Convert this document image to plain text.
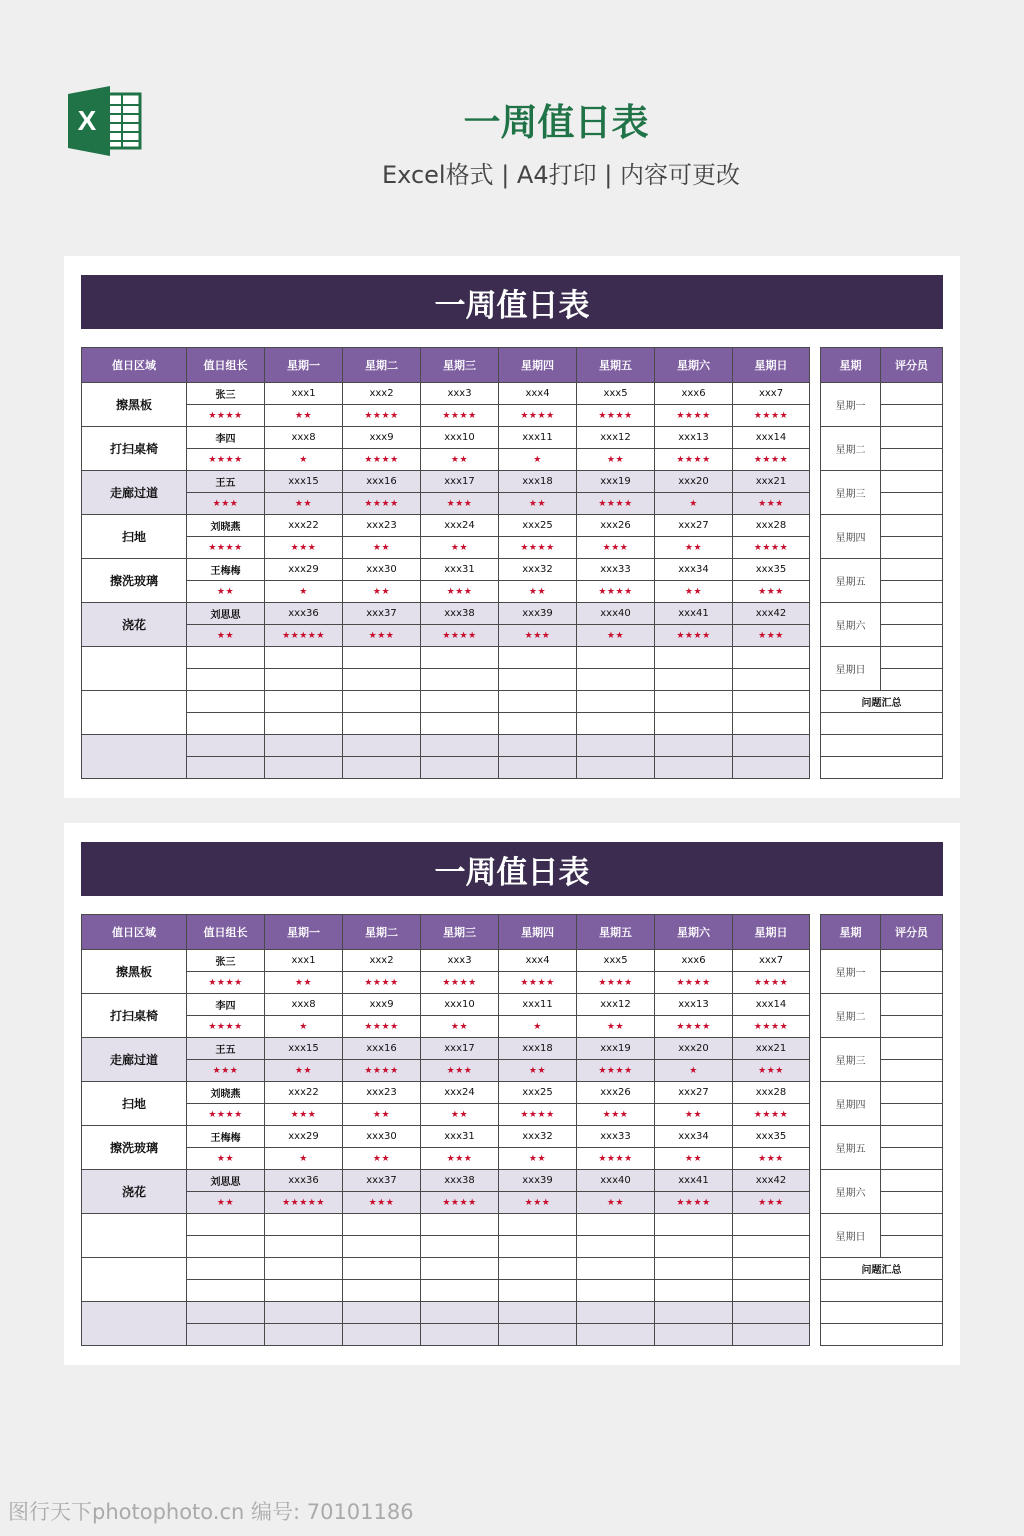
X	一周值日表
Excel格式 | A4打印 | 内容可更改
一周值日表
值日区域	值日组长	星期一	星期二	星期三	星期四	星期五	星期六	星期日
擦黑板	张三	xxx1	xxx2	xxx3	xxx4	xxx5	xxx6	xxx7
	★★★★	★★	★★★★	★★★★	★★★★	★★★★	★★★★	★★★★
打扫桌椅	李四	xxx8	xxx9	xxx10	xxx11	xxx12	xxx13	xxx14
	★★★★	★	★★★★	★★	★	★★	★★★★	★★★★
走廊过道	王五	xxx15	xxx16	xxx17	xxx18	xxx19	xxx20	xxx21
	★★★	★★	★★★★	★★★	★★	★★★★	★	★★★
扫地	刘晓燕	xxx22	xxx23	xxx24	xxx25	xxx26	xxx27	xxx28
	★★★★	★★★	★★	★★	★★★★	★★★	★★	★★★★
擦洗玻璃	王梅梅	xxx29	xxx30	xxx31	xxx32	xxx33	xxx34	xxx35
	★★	★	★★	★★★	★★	★★★★	★★	★★★
浇花	刘思思	xxx36	xxx37	xxx38	xxx39	xxx40	xxx41	xxx42
	★★	★★★★★	★★★	★★★★	★★★	★★	★★★★	★★★

星期	评分员
星期一	

星期二	

星期三	

星期四	

星期五	

星期六	

星期日	

问题汇总	

一周值日表
值日区域	值日组长	星期一	星期二	星期三	星期四	星期五	星期六	星期日
擦黑板	张三	xxx1	xxx2	xxx3	xxx4	xxx5	xxx6	xxx7
	★★★★	★★	★★★★	★★★★	★★★★	★★★★	★★★★	★★★★
打扫桌椅	李四	xxx8	xxx9	xxx10	xxx11	xxx12	xxx13	xxx14
	★★★★	★	★★★★	★★	★	★★	★★★★	★★★★
走廊过道	王五	xxx15	xxx16	xxx17	xxx18	xxx19	xxx20	xxx21
	★★★	★★	★★★★	★★★	★★	★★★★	★	★★★
扫地	刘晓燕	xxx22	xxx23	xxx24	xxx25	xxx26	xxx27	xxx28
	★★★★	★★★	★★	★★	★★★★	★★★	★★	★★★★
擦洗玻璃	王梅梅	xxx29	xxx30	xxx31	xxx32	xxx33	xxx34	xxx35
	★★	★	★★	★★★	★★	★★★★	★★	★★★
浇花	刘思思	xxx36	xxx37	xxx38	xxx39	xxx40	xxx41	xxx42
	★★	★★★★★	★★★	★★★★	★★★	★★	★★★★	★★★

星期	评分员
星期一	

星期二	

星期三	

星期四	

星期五	

星期六	

星期日	

问题汇总	

图行天下photophoto.cn 编号: 70101186
